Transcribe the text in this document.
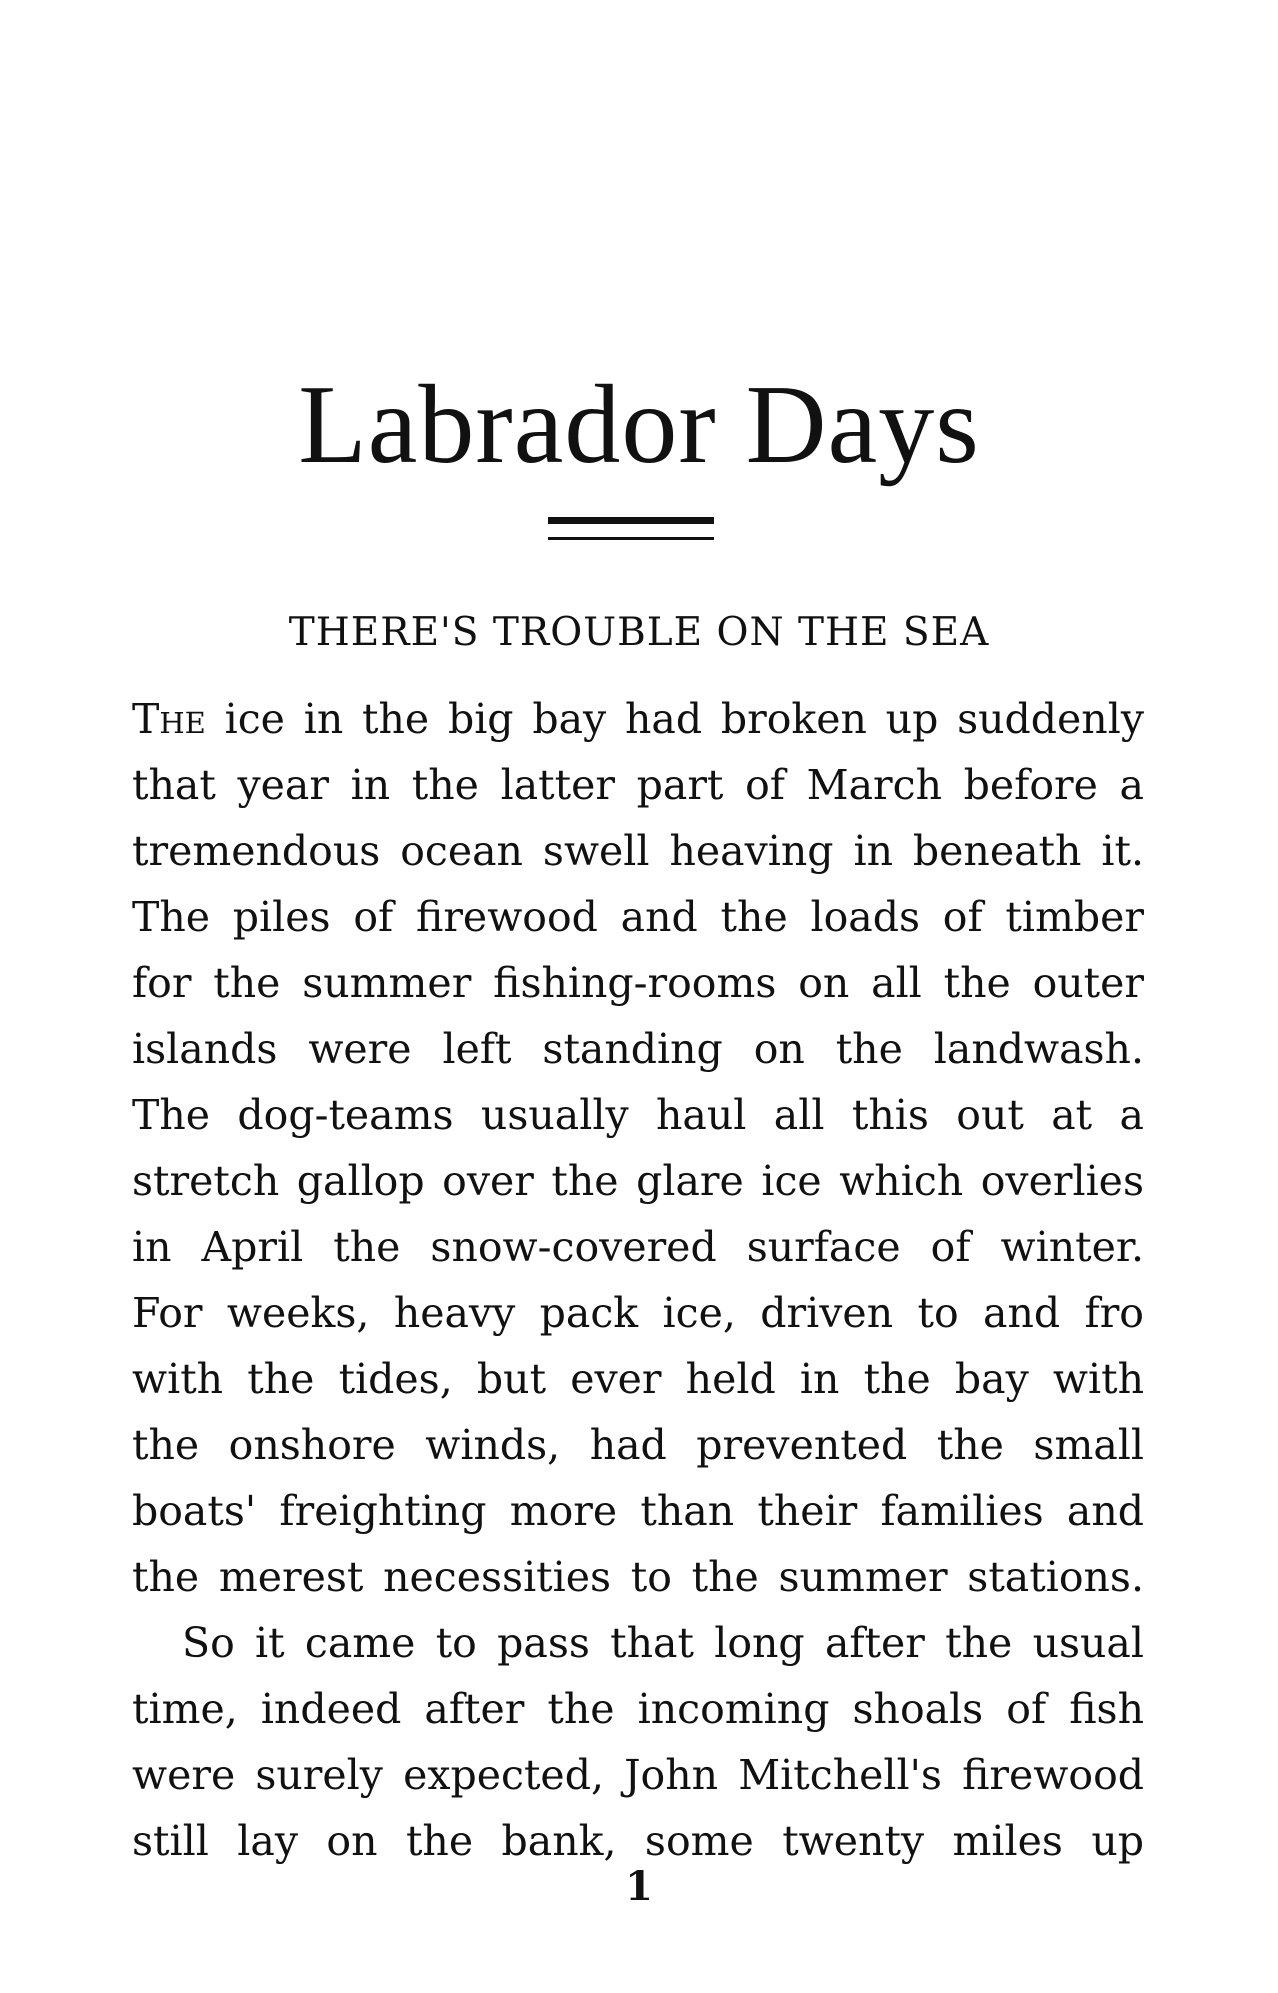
Labrador Days
THERE'S TROUBLE ON THE SEA
The ice in the big bay had broken up suddenly
that year in the latter part of March before a
tremendous ocean swell heaving in beneath it.
The piles of firewood and the loads of timber
for the summer fishing-rooms on all the outer
islands were left standing on the landwash.
The dog-teams usually haul all this out at a
stretch gallop over the glare ice which overlies
in April the snow-covered surface of winter.
For weeks, heavy pack ice, driven to and fro
with the tides, but ever held in the bay with
the onshore winds, had prevented the small
boats' freighting more than their families and
the merest necessities to the summer stations.
So it came to pass that long after the usual
time, indeed after the incoming shoals of fish
were surely expected, John Mitchell's firewood
still lay on the bank, some twenty miles up
1
